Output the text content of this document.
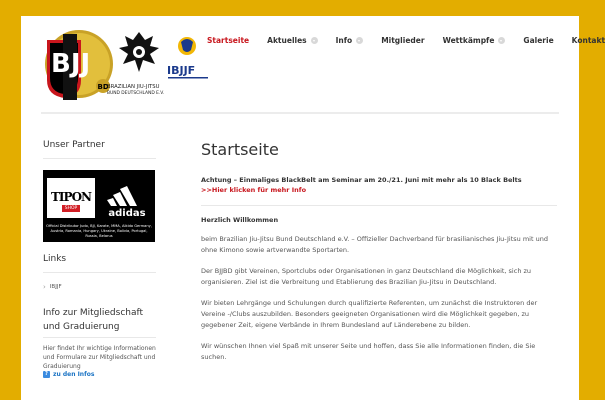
BJJ
BD
BRAZILIAN JIU-JITSU
BUND DEUTSCHLAND E.V.
IBJJF
Startseite Aktuelles	Info	Mitglieder Wettkämpfe	Galerie Kontakt
Unser Partner
TIPON
SHOP	adidas
Official Distributor Judo, BJJ, Karate, MMA, Aikido Germany, Austria, Romania, Hungary, Ukraine, Bolivia, Portugal, Russia, Belarus
Links
› IBJJF
Info zur Mitgliedschaft und Graduierung

Hier findet Ihr wichtige Informationen und Formulare zur Mitgliedschaft und Graduierung

? zu den Infos
Startseite
Achtung – Einmaliges BlackBelt am Seminar am 20./21. Juni mit mehr als 10 Black Belts
>>Hier klicken für mehr Info
Herzlich Willkommen

beim Brazilian Jiu-Jitsu Bund Deutschland e.V. – Offizieller Dachverband für brasilianisches Jiu-Jitsu mit und ohne Kimono sowie artverwandte Sportarten.

Der BJJBD gibt Vereinen, Sportclubs oder Organisationen in ganz Deutschland die Möglichkeit, sich zu organisieren. Ziel ist die Verbreitung und Etablierung des Brazilian Jiu-Jitsu in Deutschland.

Wir bieten Lehrgänge und Schulungen durch qualifizierte Referenten, um zunächst die Instruktoren der Vereine -/Clubs auszubilden. Besonders geeigneten Organisationen wird die Möglichkeit gegeben, zu gegebener Zeit, eigene Verbände in Ihrem Bundesland auf Länderebene zu bilden.

Wir wünschen Ihnen viel Spaß mit unserer Seite und hoffen, dass Sie alle Informationen finden, die Sie suchen.
